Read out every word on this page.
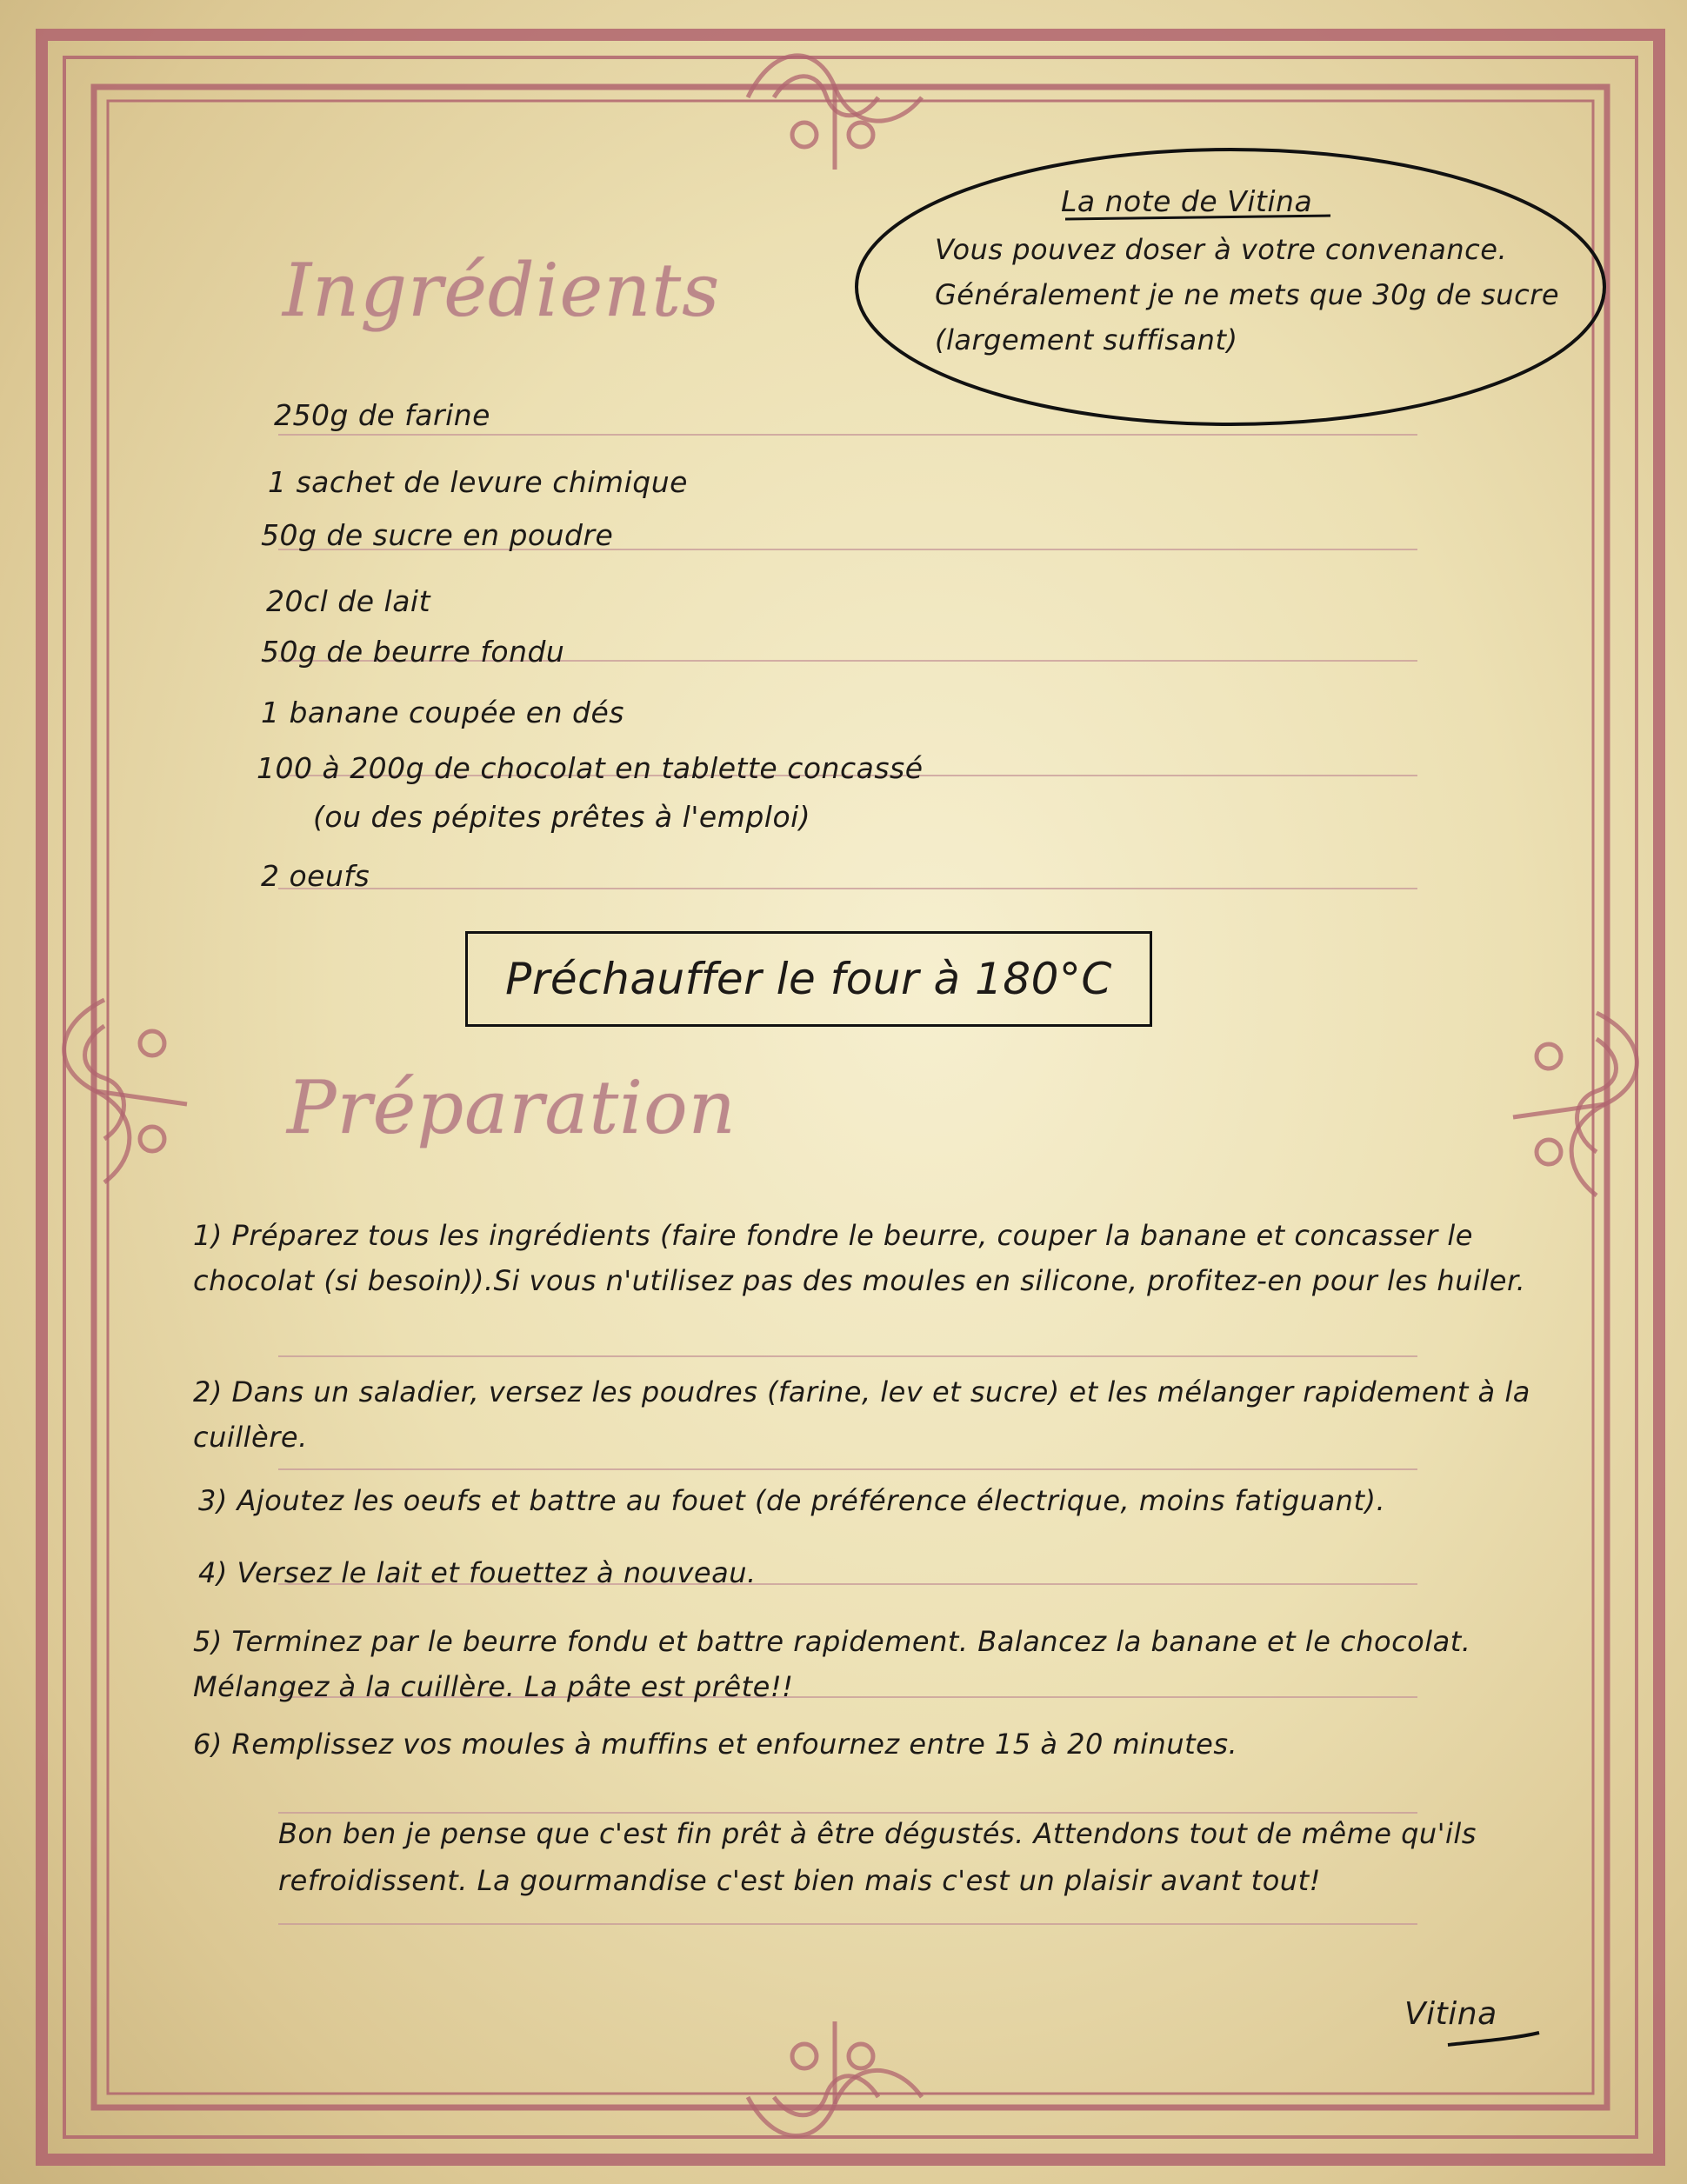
La note de Vitina
Vous pouvez doser à votre convenance.
Généralement je ne mets que 30g de sucre
(largement suffisant)
Ingrédients
250g de farine
1 sachet de levure chimique
50g de sucre en poudre
20cl de lait
50g de beurre fondu
1 banane coupée en dés
100 à 200g de chocolat en tablette concassé
(ou des pépites prêtes à l'emploi)
2 oeufs
Préchauffer le four à 180°C
Préparation
1) Préparez tous les ingrédients (faire fondre le beurre, couper la banane et concasser le chocolat (si besoin)).Si vous n'utilisez pas des moules en silicone, profitez-en pour les huiler.
2) Dans un saladier, versez les poudres (farine, lev et sucre) et les mélanger rapidement à la cuillère.
3) Ajoutez les oeufs et battre au fouet (de préférence électrique, moins fatiguant).
4) Versez le lait et fouettez à nouveau.
5) Terminez par le beurre fondu et battre rapidement. Balancez la banane et le chocolat. Mélangez à la cuillère. La pâte est prête!!
6) Remplissez vos moules à muffins et enfournez entre 15 à 20 minutes.
Bon ben je pense que c'est fin prêt à être dégustés. Attendons tout de même qu'ils refroidissent. La gourmandise c'est bien mais c'est un plaisir avant tout!
Vitina
